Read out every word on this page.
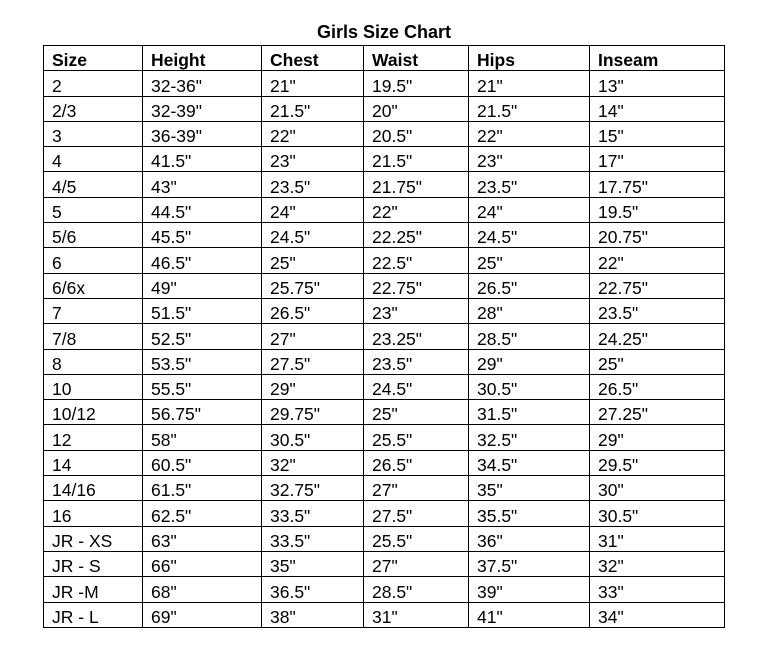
Girls Size Chart
Size	Height	Chest	Waist	Hips	Inseam
2	32-36"	21"	19.5"	21"	13"
2/3	32-39"	21.5"	20"	21.5"	14"
3	36-39"	22"	20.5"	22"	15"
4	41.5"	23"	21.5"	23"	17"
4/5	43"	23.5"	21.75"	23.5"	17.75"
5	44.5"	24"	22"	24"	19.5"
5/6	45.5"	24.5"	22.25"	24.5"	20.75"
6	46.5"	25"	22.5"	25"	22"
6/6x	49"	25.75"	22.75"	26.5"	22.75"
7	51.5"	26.5"	23"	28"	23.5"
7/8	52.5"	27"	23.25"	28.5"	24.25"
8	53.5"	27.5"	23.5"	29"	25"
10	55.5"	29"	24.5"	30.5"	26.5"
10/12	56.75"	29.75"	25"	31.5"	27.25"
12	58"	30.5"	25.5"	32.5"	29"
14	60.5"	32"	26.5"	34.5"	29.5"
14/16	61.5"	32.75"	27"	35"	30"
16	62.5"	33.5"	27.5"	35.5"	30.5"
JR - XS	63"	33.5"	25.5"	36"	31"
JR - S	66"	35"	27"	37.5"	32"
JR -M	68"	36.5"	28.5"	39"	33"
JR - L	69"	38"	31"	41"	34"
